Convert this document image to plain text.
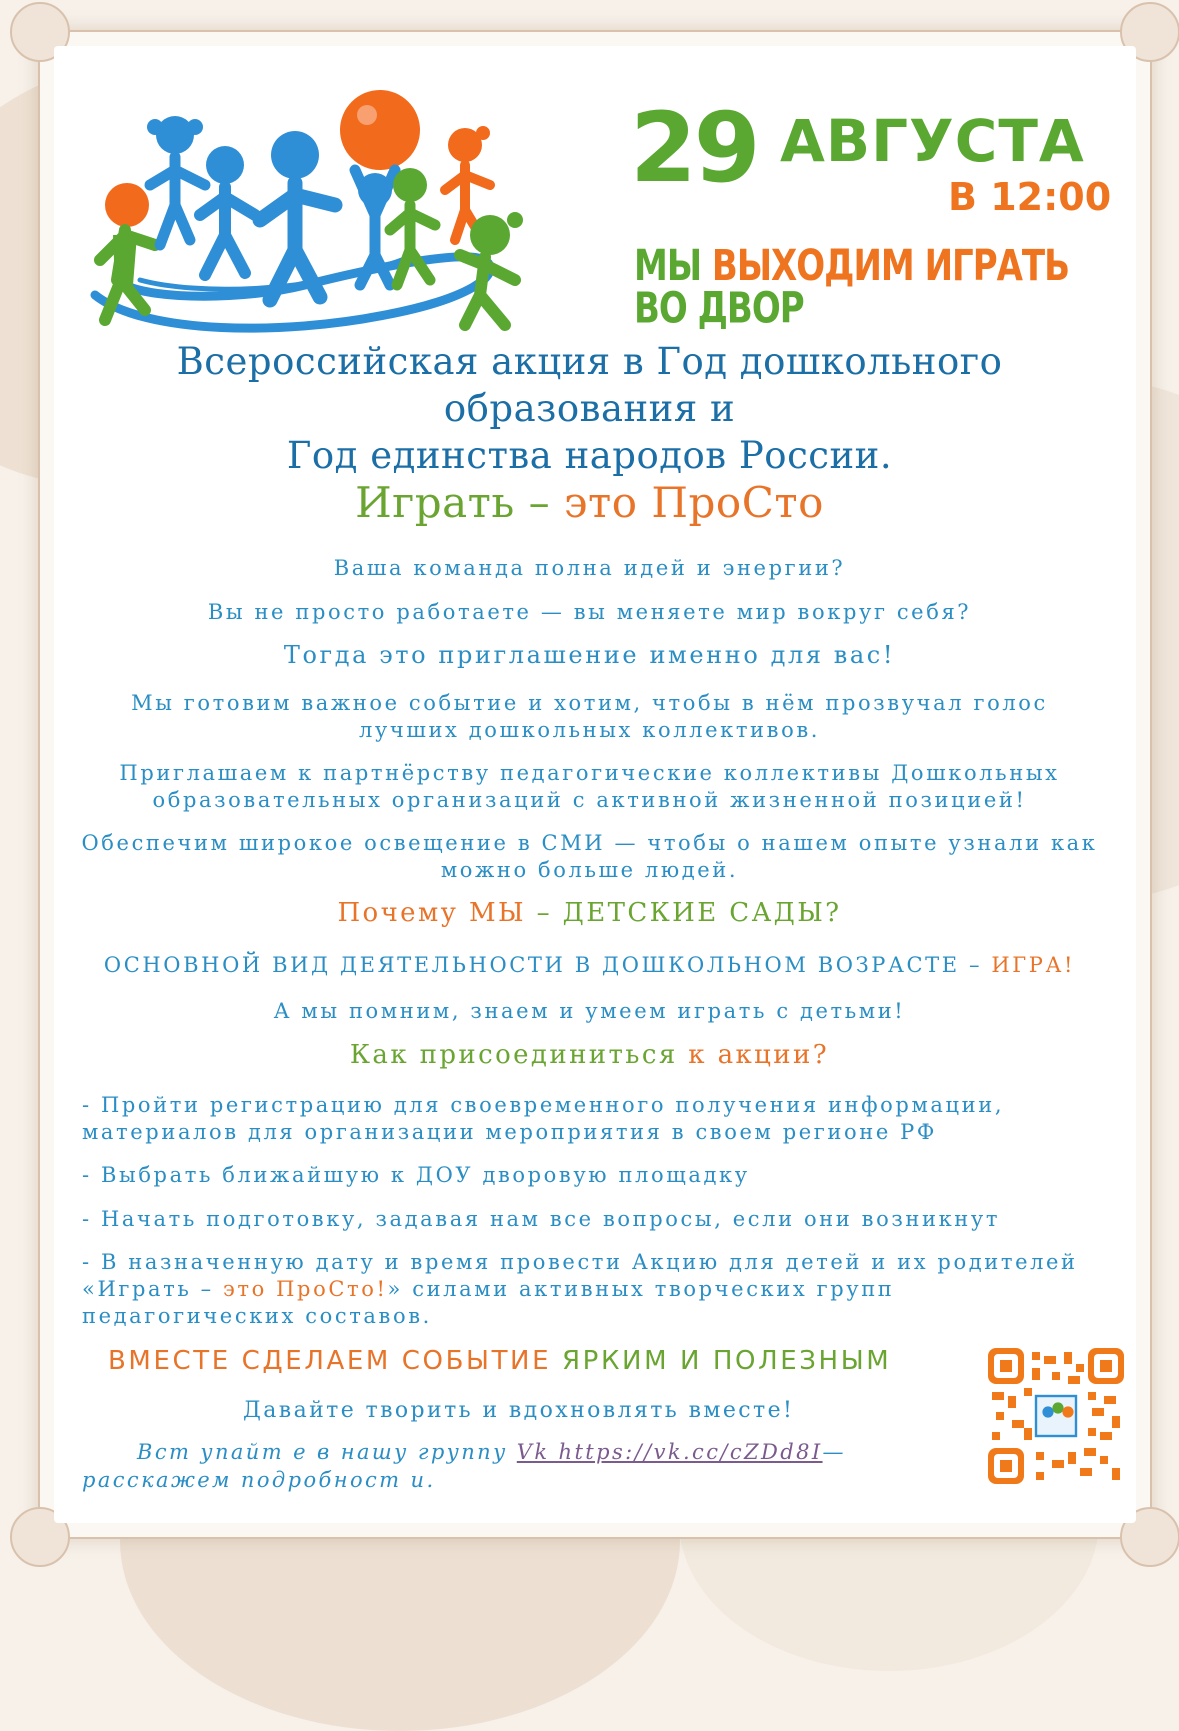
29 АВГУСТА
В 12:00
МЫ ВЫХОДИМ ИГРАТЬ ВО ДВОР
Всероссийская акция в Год дошкольного
образования и
Год единства народов России.
Играть – это ПроСто
Ваша команда полна идей и энергии?
Вы не просто работаете — вы меняете мир вокруг себя?
Тогда это приглашение именно для вас!
Мы готовим важное событие и хотим, чтобы в нём прозвучал голос
лучших дошкольных коллективов.
Приглашаем к партнёрству педагогические коллективы Дошкольных
образовательных организаций с активной жизненной позицией!
Обеспечим широкое освещение в СМИ — чтобы о нашем опыте узнали как
можно больше людей.
Почему МЫ – ДЕТСКИЕ САДЫ?
ОСНОВНОЙ ВИД ДЕЯТЕЛЬНОСТИ В ДОШКОЛЬНОМ ВОЗРАСТЕ – ИГРА!
А мы помним, знаем и умеем играть с детьми!
Как присоединиться к акции?
- Пройти регистрацию для своевременного получения информации,
материалов для организации мероприятия в своем регионе РФ
- Выбрать ближайшую к ДОУ дворовую площадку
- Начать подготовку, задавая нам все вопросы, если они возникнут
- В назначенную дату и время провести Акцию для детей и их родителей
«Играть – это ПроСто!» силами активных творческих групп
педагогических составов.
ВМЕСТЕ СДЕЛАЕМ СОБЫТИЕ ЯРКИМ И ПОЛЕЗНЫМ
Давайте творить и вдохновлять вместе!
Вст упайт е в нашу группу Vk https://vk.cc/cZDd8I—расскажем подробност и.
